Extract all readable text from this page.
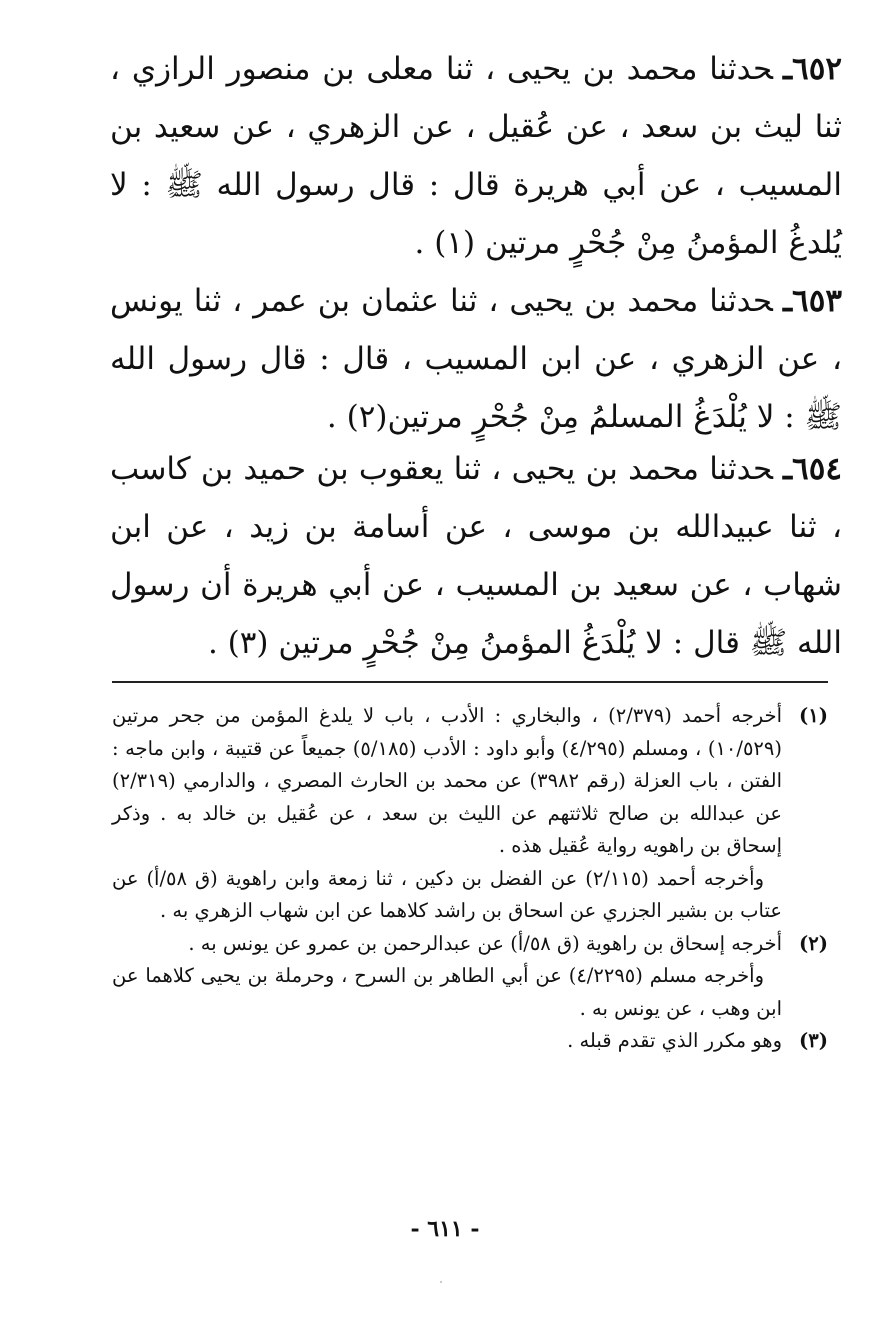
٦٥٢ـحدثنا محمد بن يحيى ، ثنا معلى بن منصور الرازي ، ثنا ليث بن سعد ، عن عُقيل ، عن الزهري ، عن سعيد بن المسيب ، عن أبي هريرة قال : قال رسول الله ﷺ : لا يُلدغُ المؤمنُ مِنْ جُحْرٍ مرتين (١) .
٦٥٣ـحدثنا محمد بن يحيى ، ثنا عثمان بن عمر ، ثنا يونس ، عن الزهري ، عن ابن المسيب ، قال : قال رسول الله ﷺ : لا يُلْدَغُ المسلمُ مِنْ جُحْرٍ مرتين(٢) .
٦٥٤ـحدثنا محمد بن يحيى ، ثنا يعقوب بن حميد بن كاسب ، ثنا عبيدالله بن موسى ، عن أسامة بن زيد ، عن ابن شهاب ، عن سعيد بن المسيب ، عن أبي هريرة أن رسول الله ﷺ قال : لا يُلْدَغُ المؤمنُ مِنْ جُحْرٍ مرتين (٣) .
(١)

أخرجه أحمد (٢/٣٧٩) ، والبخاري : الأدب ، باب لا يلدغ المؤمن من جحر مرتين (١٠/٥٢٩) ، ومسلم (٤/٢٩٥) وأبو داود : الأدب (٥/١٨٥) جميعاً عن قتيبة ، وابن ماجه : الفتن ، باب العزلة (رقم ٣٩٨٢) عن محمد بن الحارث المصري ، والدارمي (٢/٣١٩) عن عبدالله بن صالح ثلاثتهم عن الليث بن سعد ، عن عُقيل بن خالد به . وذكر إسحاق بن راهويه رواية عُقيل هذه .

وأخرجه أحمد (٢/١١٥) عن الفضل بن دكين ، ثنا زمعة وابن راهوية (ق ٥٨/أ) عن عتاب بن بشير الجزري عن اسحاق بن راشد كلاهما عن ابن شهاب الزهري به .

(٢)

أخرجه إسحاق بن راهوية (ق ٥٨/أ) عن عبدالرحمن بن عمرو عن يونس به .

وأخرجه مسلم (٤/٢٢٩٥) عن أبي الطاهر بن السرح ، وحرملة بن يحيى كلاهما عن ابن وهب ، عن يونس به .

(٣)

وهو مكرر الذي تقدم قبله .

- ٦١١ -
